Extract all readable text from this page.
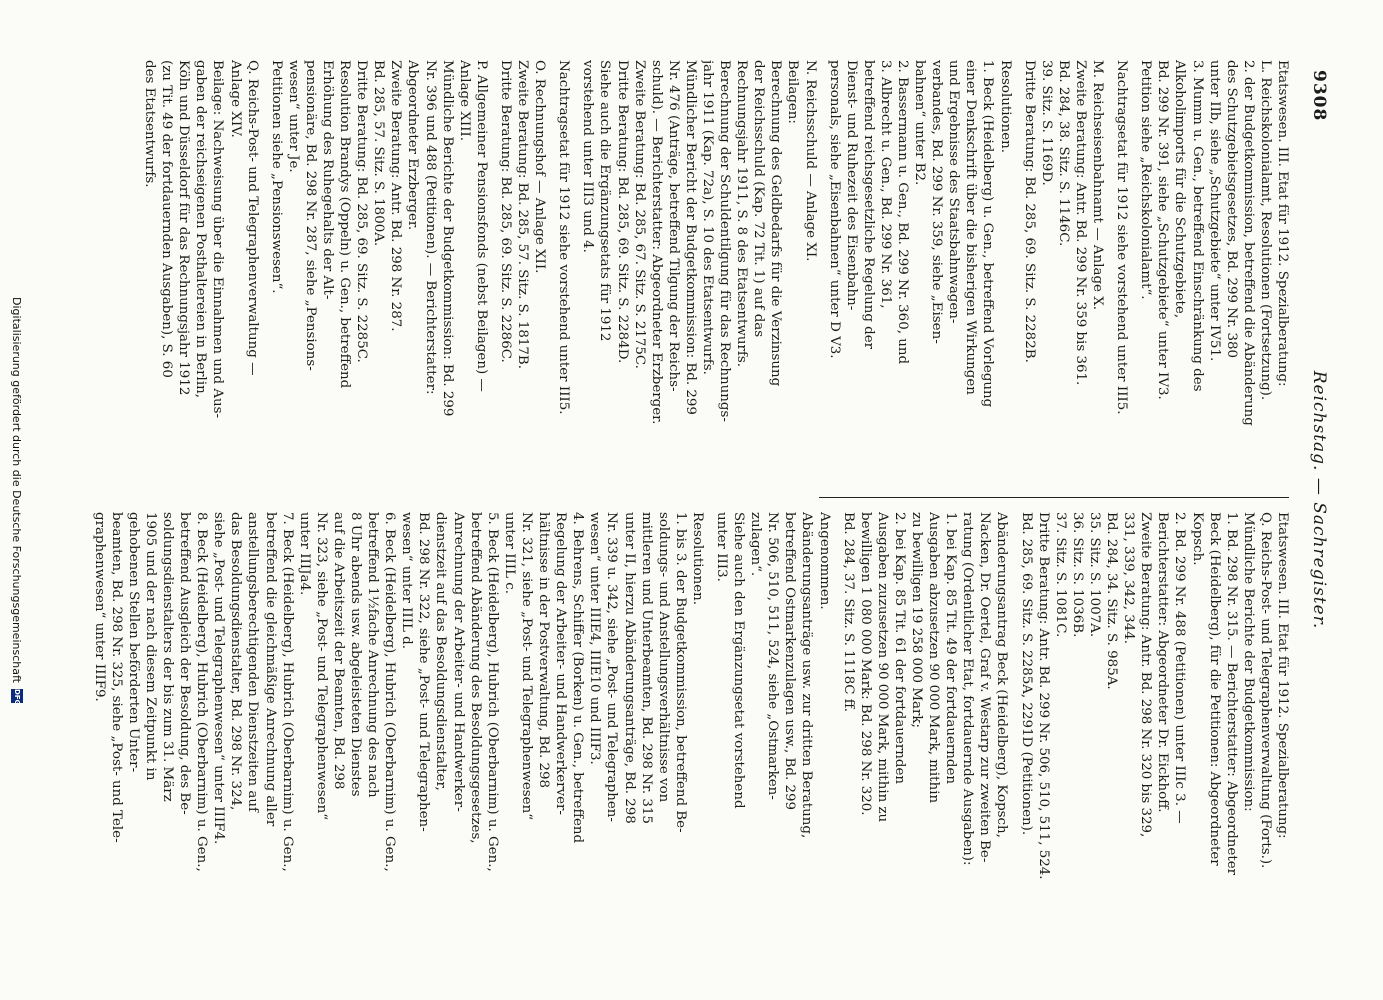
9308
Reichstag. — Sachregister.
Etatswesen. III. Etat für 1912. Spezialberatung:
L. Reichskolonialamt, Resolutionen (Fortsetzung).
2. der Budgetkommission, betreffend die Abänderung
des Schutzgebietsgesetzes, Bd. 299 Nr. 380
unter IIb, siehe „Schutzgebiete“ unter IV51.
3. Mumm u. Gen., betreffend Einschränkung des
Alkoholimports für die Schutzgebiete,
Bd. 299 Nr. 391, siehe „Schutzgebiete“ unter IV3.
Petition siehe „Reichskolonialamt“.
Nachtragsetat für 1912 siehe vorstehend unter III5.
M. Reichseisenbahnamt — Anlage X.
Zweite Beratung: Antr. Bd. 299 Nr. 359 bis 361.
Bd. 284, 38. Sitz. S. 1146C.
39. Sitz. S. 1169D.
Dritte Beratung: Bd. 285, 69. Sitz. S. 2282B.
Resolutionen.
1. Beck (Heidelberg) u. Gen., betreffend Vorlegung
einer Denkschrift über die bisherigen Wirkungen
und Ergebnisse des Staatsbahnwagen-
verbandes, Bd. 299 Nr. 359, siehe „Eisen-
bahnen“ unter B2.
2. Bassermann u. Gen., Bd. 299 Nr. 360, und
3. Albrecht u. Gen., Bd. 299 Nr. 361,
betreffend reichsgesetzliche Regelung der
Dienst- und Ruhezeit des Eisenbahn-
personals, siehe „Eisenbahnen“ unter D V3.
N. Reichsschuld — Anlage XI.
Beilagen:
Berechnung des Geldbedarfs für die Verzinsung
der Reichsschuld (Kap. 72 Tit. 1) auf das
Rechnungsjahr 1911, S. 8 des Etatsentwurfs.
Berechnung der Schuldentilgung für das Rechnungs-
jahr 1911 (Kap. 72a), S. 10 des Etatsentwurfs.
Mündlicher Bericht der Budgetkommission: Bd. 299
Nr. 476 (Anträge, betreffend Tilgung der Reichs-
schuld). — Berichterstatter: Abgeordneter Erzberger.
Zweite Beratung: Bd. 285, 67. Sitz. S. 2175C.
Dritte Beratung: Bd. 285, 69. Sitz. S. 2284D.
Siehe auch die Ergänzungsetats für 1912
vorstehend unter III3 und 4.
Nachtragsetat für 1912 siehe vorstehend unter III5.
O. Rechnungshof — Anlage XII.
Zweite Beratung: Bd. 285, 57. Sitz. S. 1817B.
Dritte Beratung: Bd. 285, 69. Sitz. S. 2286C.
P. Allgemeiner Pensionsfonds (nebst Beilagen) —
Anlage XIII.
Mündliche Berichte der Budgetkommission: Bd. 299
Nr. 396 und 488 (Petitionen). — Berichterstatter:
Abgeordneter Erzberger.
Zweite Beratung: Antr. Bd. 298 Nr. 287.
Bd. 285, 57. Sitz. S. 1800A.
Dritte Beratung: Bd. 285, 69. Sitz. S. 2285C.
Resolution Brandys (Oppeln) u. Gen., betreffend
Erhöhung des Ruhegehalts der Alt-
pensionäre, Bd. 298 Nr. 287, siehe „Pensions-
wesen“ unter Je.
Petitionen siehe „Pensionswesen“.
Q. Reichs-Post- und Telegraphenverwaltung —
Anlage XIV.
Beilage: Nachweisung über die Einnahmen und Aus-
gaben der reichseigenen Posthaltereien in Berlin,
Köln und Düsseldorf für das Rechnungsjahr 1912
(zu Tit. 49 der fortdauernden Ausgaben), S. 60
des Etatsentwurfs.
Etatswesen. III. Etat für 1912. Spezialberatung:
Q. Reichs-Post- und Telegraphenverwaltung (Forts.).
Mündliche Berichte der Budgetkommission:
1. Bd. 298 Nr. 315. — Berichterstatter: Abgeordneter
Beck (Heidelberg), für die Petitionen: Abgeordneter
Kopsch.
2. Bd. 299 Nr. 488 (Petitionen) unter IIIc 3. —
Berichterstatter: Abgeordneter Dr. Eickhoff.
Zweite Beratung: Antr. Bd. 298 Nr. 320 bis 329,
331, 339, 342, 344.
Bd. 284, 34. Sitz. S. 985A.
35. Sitz. S. 1007A.
36. Sitz. S. 1036B.
37. Sitz. S. 1081C.
Dritte Beratung: Antr. Bd. 299 Nr. 506, 510, 511, 524.
Bd. 285, 69. Sitz. S. 2285A, 2291D (Petitionen).
Abänderungsantrag Beck (Heidelberg), Kopsch,
Nacken, Dr. Oertel, Graf v. Westarp zur zweiten Be-
ratung (Ordentlicher Etat, fortdauernde Ausgaben):
1. bei Kap. 85 Tit. 49 der fortdauernden
Ausgaben abzusetzen 90 000 Mark, mithin
zu bewilligen 19 258 000 Mark;
2. bei Kap. 85 Tit. 61 der fortdauernden
Ausgaben zuzusetzen 90 000 Mark, mithin zu
bewilligen 1 080 000 Mark: Bd. 298 Nr. 320.
Bd. 284, 37. Sitz. S. 1118C ff.
Angenommen.
Abänderungsanträge usw. zur dritten Beratung,
betreffend Ostmarkenzulagen usw., Bd. 299
Nr. 506, 510, 511, 524, siehe „Ostmarken-
zulagen“.
Siehe auch den Ergänzungsetat vorstehend
unter III3.
Resolutionen.
1. bis 3. der Budgetkommission, betreffend Be-
soldungs- und Anstellungsverhältnisse von
mittleren und Unterbeamten, Bd. 298 Nr. 315
unter II, hierzu Abänderungsanträge, Bd. 298
Nr. 339 u. 342, siehe „Post- und Telegraphen-
wesen“ unter IIIE4, IIIE10 und IIIF3.
4. Behrens, Schiffer (Borken) u. Gen., betreffend
Regelung der Arbeiter- und Handwerkerver-
hältnisse in der Postverwaltung, Bd. 298
Nr. 321, siehe „Post- und Telegraphenwesen“
unter IIIL c.
5. Beck (Heidelberg), Hubrich (Oberbarnim) u. Gen.,
betreffend Abänderung des Besoldungsgesetzes,
Anrechnung der Arbeiter- und Handwerker-
dienstzeit auf das Besoldungsdienstalter,
Bd. 298 Nr. 322, siehe „Post- und Telegraphen-
wesen“ unter IIIL d.
6. Beck (Heidelberg), Hubrich (Oberbarnim) u. Gen.,
betreffend 1½fache Anrechnung des nach
8 Uhr abends usw. abgeleisteten Dienstes
auf die Arbeitszeit der Beamten, Bd. 298
Nr. 323, siehe „Post- und Telegraphenwesen“
unter IIIJa4.
7. Beck (Heidelberg), Hubrich (Oberbarnim) u. Gen.,
betreffend die gleichmäßige Anrechnung aller
anstellungsberechtigenden Dienstzeiten auf
das Besoldungsdienstalter, Bd. 298 Nr. 324,
siehe „Post- und Telegraphenwesen“ unter IIIF4.
8. Beck (Heidelberg), Hubrich (Oberbarnim) u. Gen.,
betreffend Ausgleich der Besoldung, des Be-
soldungsdienstalters der bis zum 31. März
1905 und der nach diesem Zeitpunkt in
gehobenen Stellen beförderten Unter-
beamten, Bd. 298 Nr. 325, siehe „Post- und Tele-
graphenwesen“ unter IIIF9.
Digitalisierung gefördert durch die Deutsche Forschungsgemeinschaft
DFG
